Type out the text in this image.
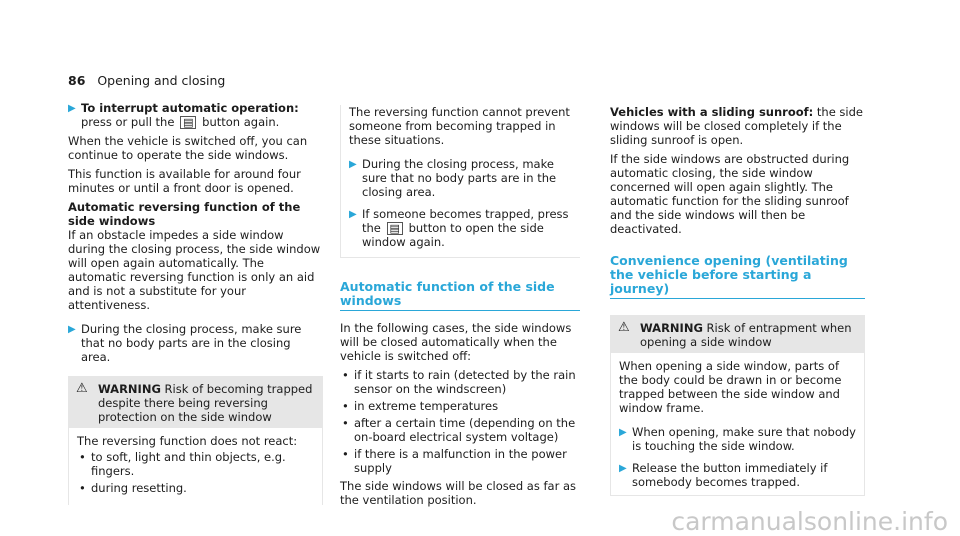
86 Opening and closing
▶ To interrupt automatic operation: press or pull the ▤ button again.

When the vehicle is switched off, you can continue to operate the side windows.

This function is available for around four minutes or until a front door is opened.

Automatic reversing function of the side windows

If an obstacle impedes a side window during the closing process, the side window will open again automatically. The automatic reversing function is only an aid and is not a substitute for your attentiveness.

▶ During the closing process, make sure that no body parts are in the closing area.
⚠ WARNING Risk of becoming trapped despite there being reversing protection on the side window

The reversing function does not react:

• to soft, light and thin objects, e.g. fingers.
• during resetting.

The reversing function cannot prevent someone from becoming trapped in these situations.

▶ During the closing process, make sure that no body parts are in the closing area.
▶ If someone becomes trapped, press the ▤ button to open the side window again.
Automatic function of the side windows

In the following cases, the side windows will be closed automatically when the vehicle is switched off:

• if it starts to rain (detected by the rain sensor on the windscreen)
• in extreme temperatures
• after a certain time (depending on the on-board electrical system voltage)
• if there is a malfunction in the power supply

The side windows will be closed as far as the ventilation position.

Vehicles with a sliding sunroof: the side windows will be closed completely if the sliding sunroof is open.

If the side windows are obstructed during automatic closing, the side window concerned will open again slightly. The automatic function for the sliding sunroof and the side windows will then be deactivated.

Convenience opening (ventilating the vehicle before starting a journey)
⚠ WARNING Risk of entrapment when opening a side window

When opening a side window, parts of the body could be drawn in or become trapped between the side window and window frame.

▶ When opening, make sure that nobody is touching the side window.
▶ Release the button immediately if somebody becomes trapped.
carmanualsonline.info
